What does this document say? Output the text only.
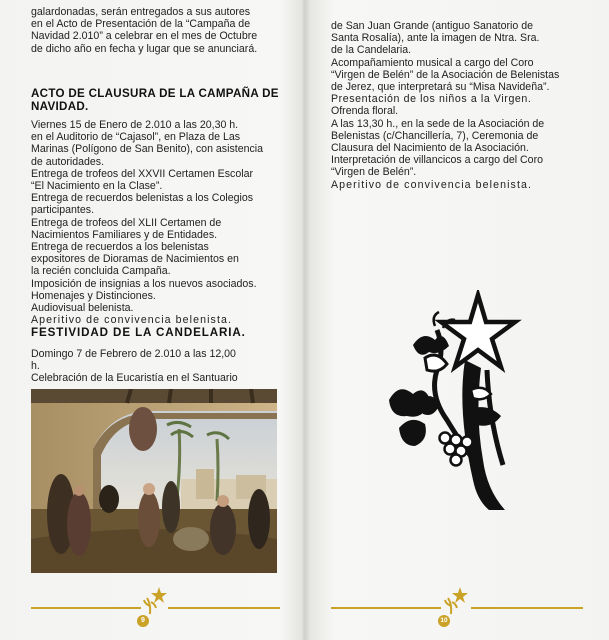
galardonadas, serán entregados a sus autores

en el Acto de Presentación de la “Campaña de

Navidad 2.010” a celebrar en el mes de Octubre

de dicho año en fecha y lugar que se anunciará.

ACTO DE CLAUSURA DE LA CAMPAÑA DE
NAVIDAD.

Viernes 15 de Enero de 2.010 a las 20,30 h.

en el Auditorio de “Cajasol”, en Plaza de Las

Marinas (Polígono de San Benito), con asistencia

de autoridades.

Entrega de trofeos del XXVII Certamen Escolar

“El Nacimiento en la Clase”.

Entrega de recuerdos belenistas a los Colegios

participantes.

Entrega de trofeos del XLII Certamen de

Nacimientos Familiares y de Entidades.

Entrega de recuerdos a los belenistas

expositores de Dioramas de Nacimientos en

la recién concluida Campaña.

Imposición de insignias a los nuevos asociados.

Homenajes y Distinciones.

Audiovisual belenista.

Aperitivo de convivencia belenista.

FESTIVIDAD DE LA CANDELARIA.

Domingo 7 de Febrero de 2.010 a las 12,00

h.

Celebración de la Eucaristía en el Santuario

9

de San Juan Grande (antiguo Sanatorio de

Santa Rosalía), ante la imagen de Ntra. Sra.

de la Candelaria.

Acompañamiento musical a cargo del Coro

“Virgen de Belén” de la Asociación de Belenistas

de Jerez, que interpretará su “Misa Navideña”.

Presentación de los niños a la Virgen.

Ofrenda floral.

A las 13,30 h., en la sede de la Asociación de

Belenistas (c/Chancillería, 7), Ceremonia de

Clausura del Nacimiento de la Asociación.

Interpretación de villancicos a cargo del Coro

“Virgen de Belén”.

Aperitivo de convivencia belenista.

10
